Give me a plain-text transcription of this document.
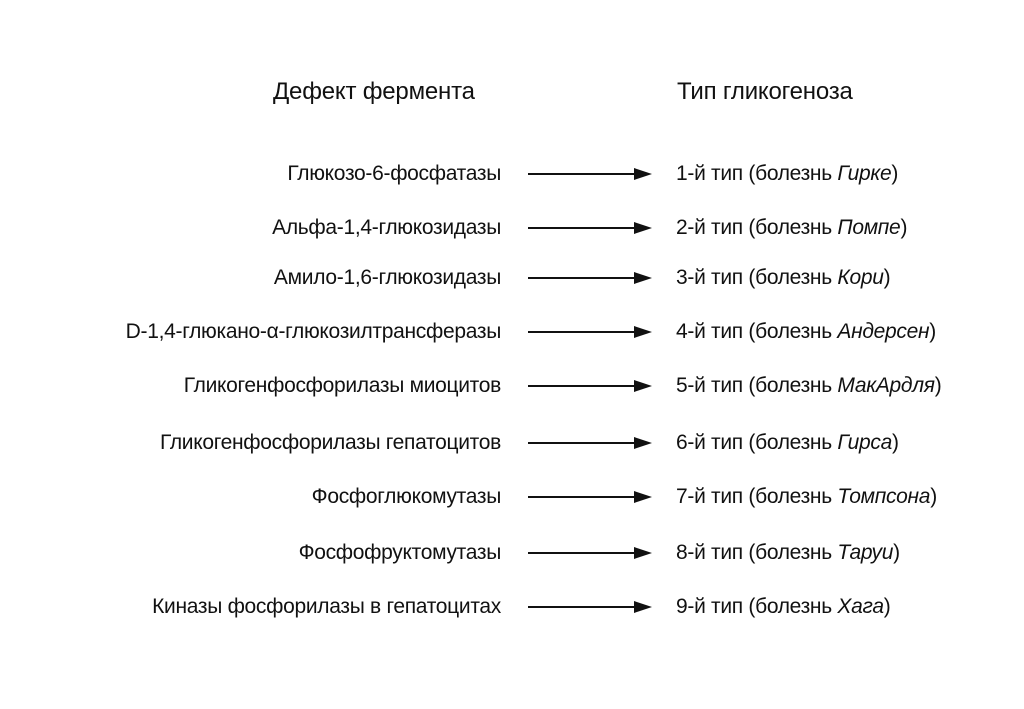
Дефект фермента	Тип гликогеноза
Глюкозо-6-фосфатазы	1-й тип (болезнь Гирке)
Альфа-1,4-глюкозидазы	2-й тип (болезнь Помпе)
Амило-1,6-глюкозидазы	3-й тип (болезнь Кори)
D-1,4-глюкано-α-глюкозилтрансферазы	4-й тип (болезнь Андерсен)
Гликогенфосфорилазы миоцитов	5-й тип (болезнь МакАрдля)
Гликогенфосфорилазы гепатоцитов	6-й тип (болезнь Гирса)
Фосфоглюкомутазы	7-й тип (болезнь Томпсона)
Фосфофруктомутазы	8-й тип (болезнь Таруи)
Киназы фосфорилазы в гепатоцитах	9-й тип (болезнь Хага)
